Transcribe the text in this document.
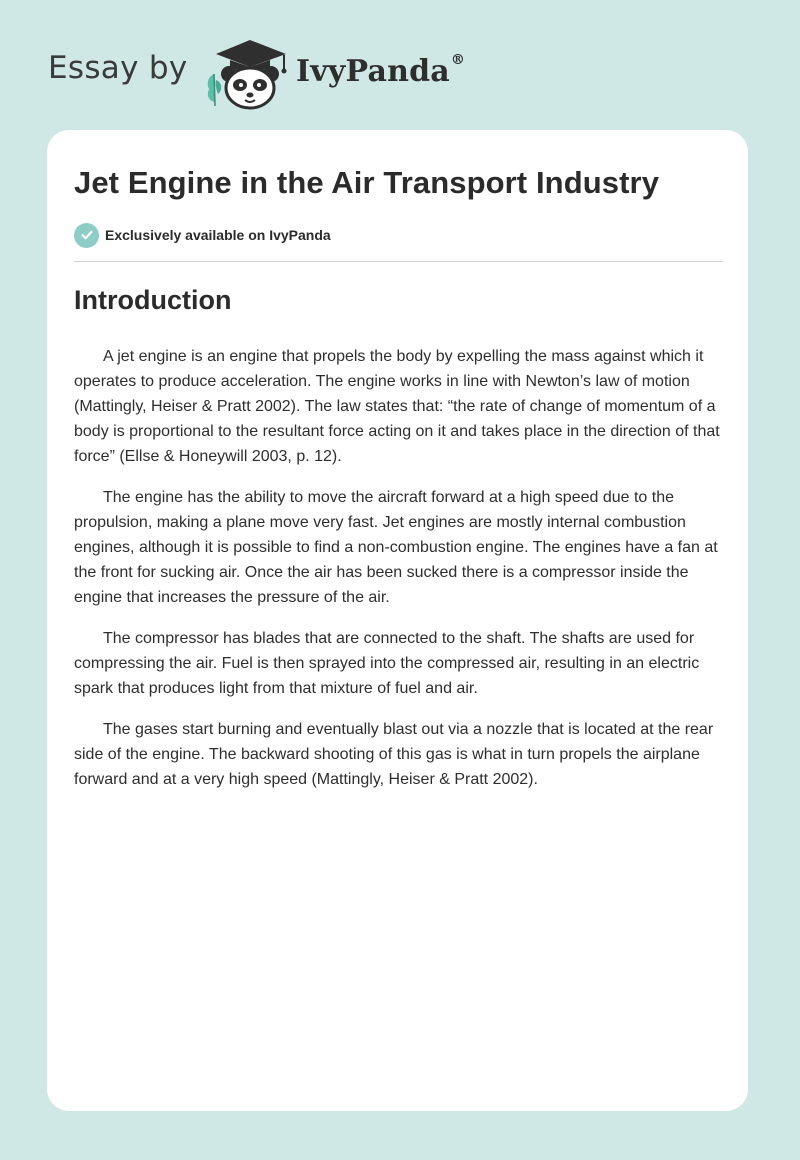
Essay by	IvyPanda®
Jet Engine in the Air Transport Industry
Exclusively available on IvyPanda
Introduction

A jet engine is an engine that propels the body by expelling the mass against which it operates to produce acceleration. The engine works in line with Newton’s law of motion (Mattingly, Heiser & Pratt 2002). The law states that: “the rate of change of momentum of a body is proportional to the resultant force acting on it and takes place in the direction of that force” (Ellse & Honeywill 2003, p. 12).

The engine has the ability to move the aircraft forward at a high speed due to the propulsion, making a plane move very fast. Jet engines are mostly internal combustion engines, although it is possible to find a non-combustion engine. The engines have a fan at the front for sucking air. Once the air has been sucked there is a compressor inside the engine that increases the pressure of the air.

The compressor has blades that are connected to the shaft. The shafts are used for compressing the air. Fuel is then sprayed into the compressed air, resulting in an electric spark that produces light from that mixture of fuel and air.

The gases start burning and eventually blast out via a nozzle that is located at the rear side of the engine. The backward shooting of this gas is what in turn propels the airplane forward and at a very high speed (Mattingly, Heiser & Pratt 2002).
